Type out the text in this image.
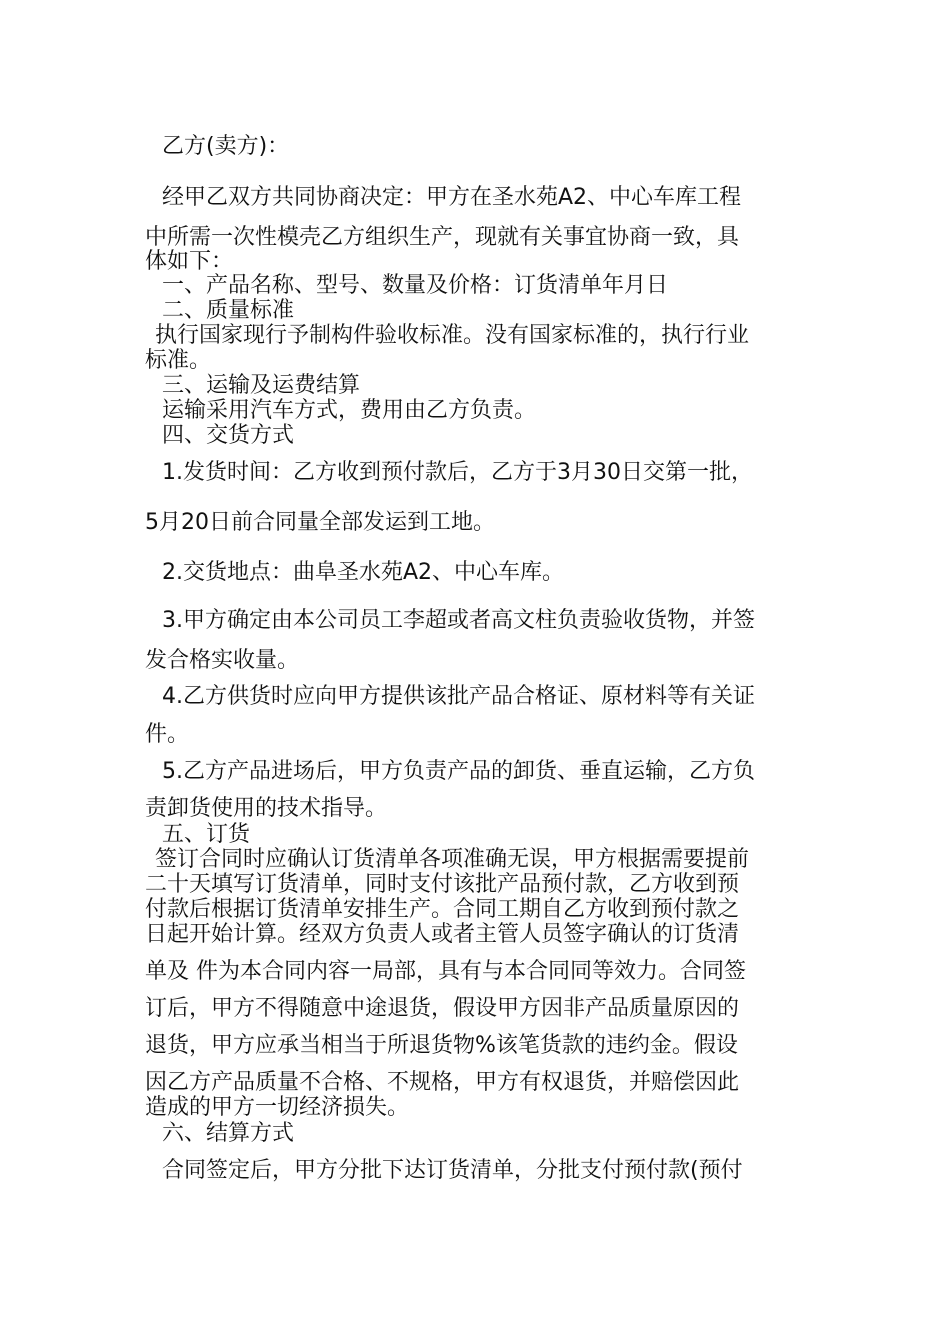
乙方(卖方)：
经甲乙双方共同协商决定：甲方在圣水苑A2、中心车库工程
中所需一次性模壳乙方组织生产，现就有关事宜协商一致，具
体如下：
一、产品名称、型号、数量及价格：订货清单年月日
二、质量标准
执行国家现行予制构件验收标准。没有国家标准的，执行行业
标准。
三、运输及运费结算
运输采用汽车方式，费用由乙方负责。
四、交货方式
1.发货时间：乙方收到预付款后，乙方于3月30日交第一批，
5月20日前合同量全部发运到工地。
2.交货地点：曲阜圣水苑A2、中心车库。
3.甲方确定由本公司员工李超或者高文柱负责验收货物，并签
发合格实收量。
4.乙方供货时应向甲方提供该批产品合格证、原材料等有关证
件。
5.乙方产品进场后，甲方负责产品的卸货、垂直运输，乙方负
责卸货使用的技术指导。
五、订货
签订合同时应确认订货清单各项准确无误，甲方根据需要提前
二十天填写订货清单，同时支付该批产品预付款，乙方收到预
付款后根据订货清单安排生产。合同工期自乙方收到预付款之
日起开始计算。经双方负责人或者主管人员签字确认的订货清
单及 件为本合同内容一局部，具有与本合同同等效力。合同签
订后，甲方不得随意中途退货，假设甲方因非产品质量原因的
退货，甲方应承当相当于所退货物%该笔货款的违约金。假设
因乙方产品质量不合格、不规格，甲方有权退货，并赔偿因此
造成的甲方一切经济损失。
六、结算方式
合同签定后，甲方分批下达订货清单，分批支付预付款(预付
